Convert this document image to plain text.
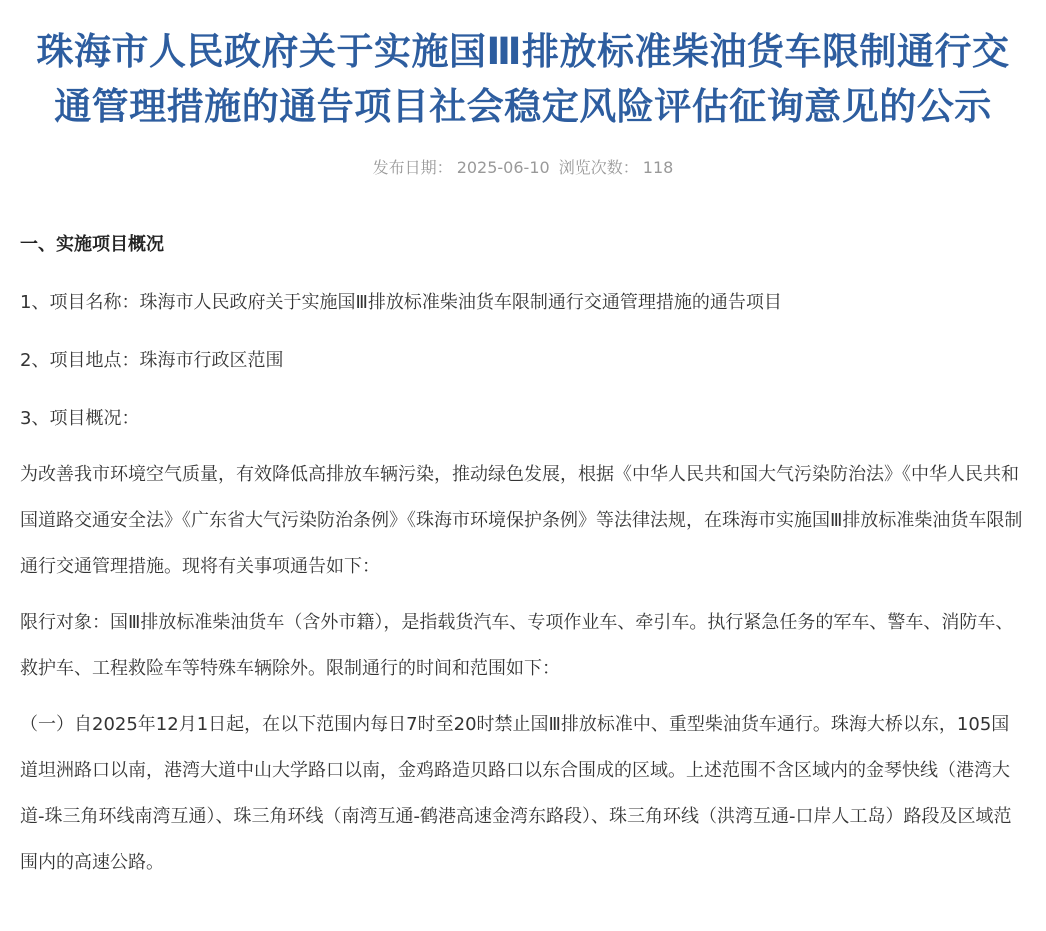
珠海市人民政府关于实施国Ⅲ排放标准柴油货车限制通行交通管理措施的通告项目社会稳定风险评估征询意见的公示
发布日期： 2025-06-10 浏览次数： 118

一、实施项目概况

1、项目名称：珠海市人民政府关于实施国Ⅲ排放标准柴油货车限制通行交通管理措施的通告项目

2、项目地点：珠海市行政区范围

3、项目概况：

为改善我市环境空气质量，有效降低高排放车辆污染，推动绿色发展，根据《中华人民共和国大气污染防治法》《中华人民共和国道路交通安全法》《广东省大气污染防治条例》《珠海市环境保护条例》等法律法规，在珠海市实施国Ⅲ排放标准柴油货车限制通行交通管理措施。现将有关事项通告如下：

限行对象：国Ⅲ排放标准柴油货车（含外市籍），是指载货汽车、专项作业车、牵引车。执行紧急任务的军车、警车、消防车、救护车、工程救险车等特殊车辆除外。限制通行的时间和范围如下：

（一）自2025年12月1日起，在以下范围内每日7时至20时禁止国Ⅲ排放标准中、重型柴油货车通行。珠海大桥以东，105国道坦洲路口以南，港湾大道中山大学路口以南，金鸡路造贝路口以东合围成的区域。上述范围不含区域内的金琴快线（港湾大道-珠三角环线南湾互通）、珠三角环线（南湾互通-鹤港高速金湾东路段）、珠三角环线（洪湾互通-口岸人工岛）路段及区域范围内的高速公路。
